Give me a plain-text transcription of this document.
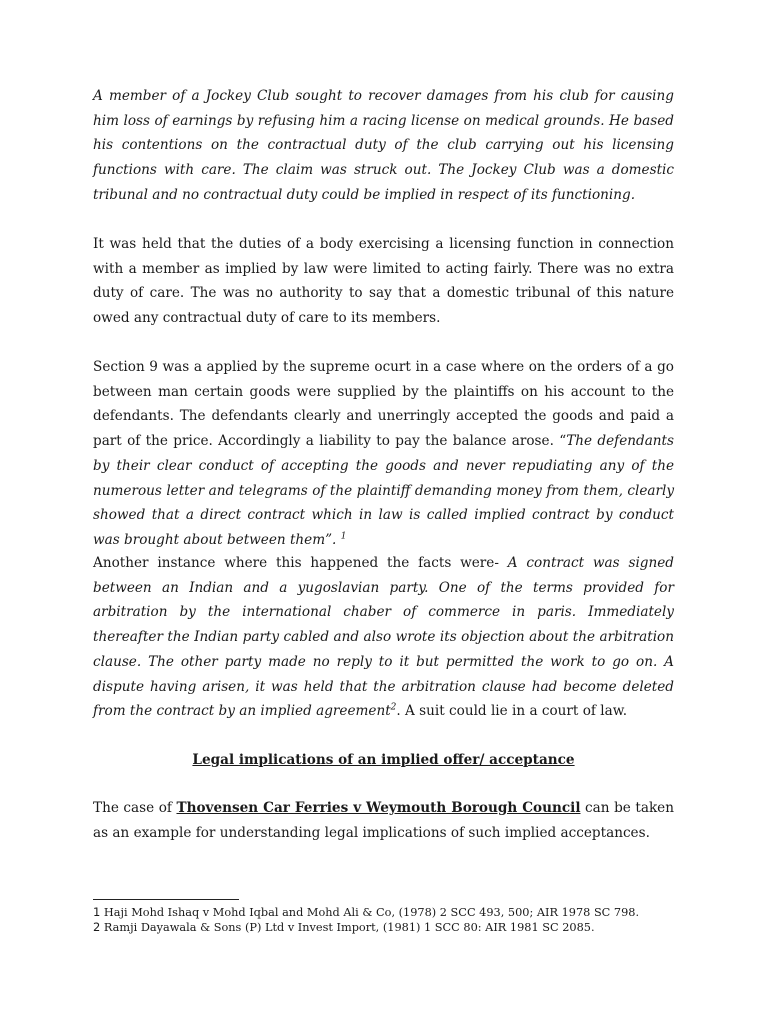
A member of a Jockey Club sought to recover damages from his club for causing him loss of earnings by refusing him a racing license on medical grounds. He based his contentions on the contractual duty of the club carrying out his licensing functions with care. The claim was struck out. The Jockey Club was a domestic tribunal and no contractual duty could be implied in respect of its functioning.

It was held that the duties of a body exercising a licensing function in connection with a member as implied by law were limited to acting fairly. There was no extra duty of care. The was no authority to say that a domestic tribunal of this nature owed any contractual duty of care to its members.

Section 9 was a applied by the supreme ocurt in a case where on the orders of a go between man certain goods were supplied by the plaintiffs on his account to the defendants. The defendants clearly and unerringly accepted the goods and paid a part of the price. Accordingly a liability to pay the balance arose. “The defendants by their clear conduct of accepting the goods and never repudiating any of the numerous letter and telegrams of the plaintiff demanding money from them, clearly showed that a direct contract which in law is called implied contract by conduct was brought about between them”. $^1$

Another instance where this happened the facts were- A contract was signed between an Indian and a yugoslavian party. One of the terms provided for arbitration by the international chaber of commerce in paris. Immediately thereafter the Indian party cabled and also wrote its objection about the arbitration clause. The other party made no reply to it but permitted the work to go on. A dispute having arisen, it was held that the arbitration clause had become deleted from the contract by an implied agreement$^2$. A suit could lie in a court of law.

Legal implications of an implied offer/ acceptance

The case of Thovensen Car Ferries v Weymouth Borough Council can be taken as an example for understanding legal implications of such implied acceptances.

1 Haji Mohd Ishaq v Mohd Iqbal and Mohd Ali & Co, (1978) 2 SCC 493, 500; AIR 1978 SC 798.
2 Ramji Dayawala & Sons (P) Ltd v Invest Import, (1981) 1 SCC 80: AIR 1981 SC 2085.
